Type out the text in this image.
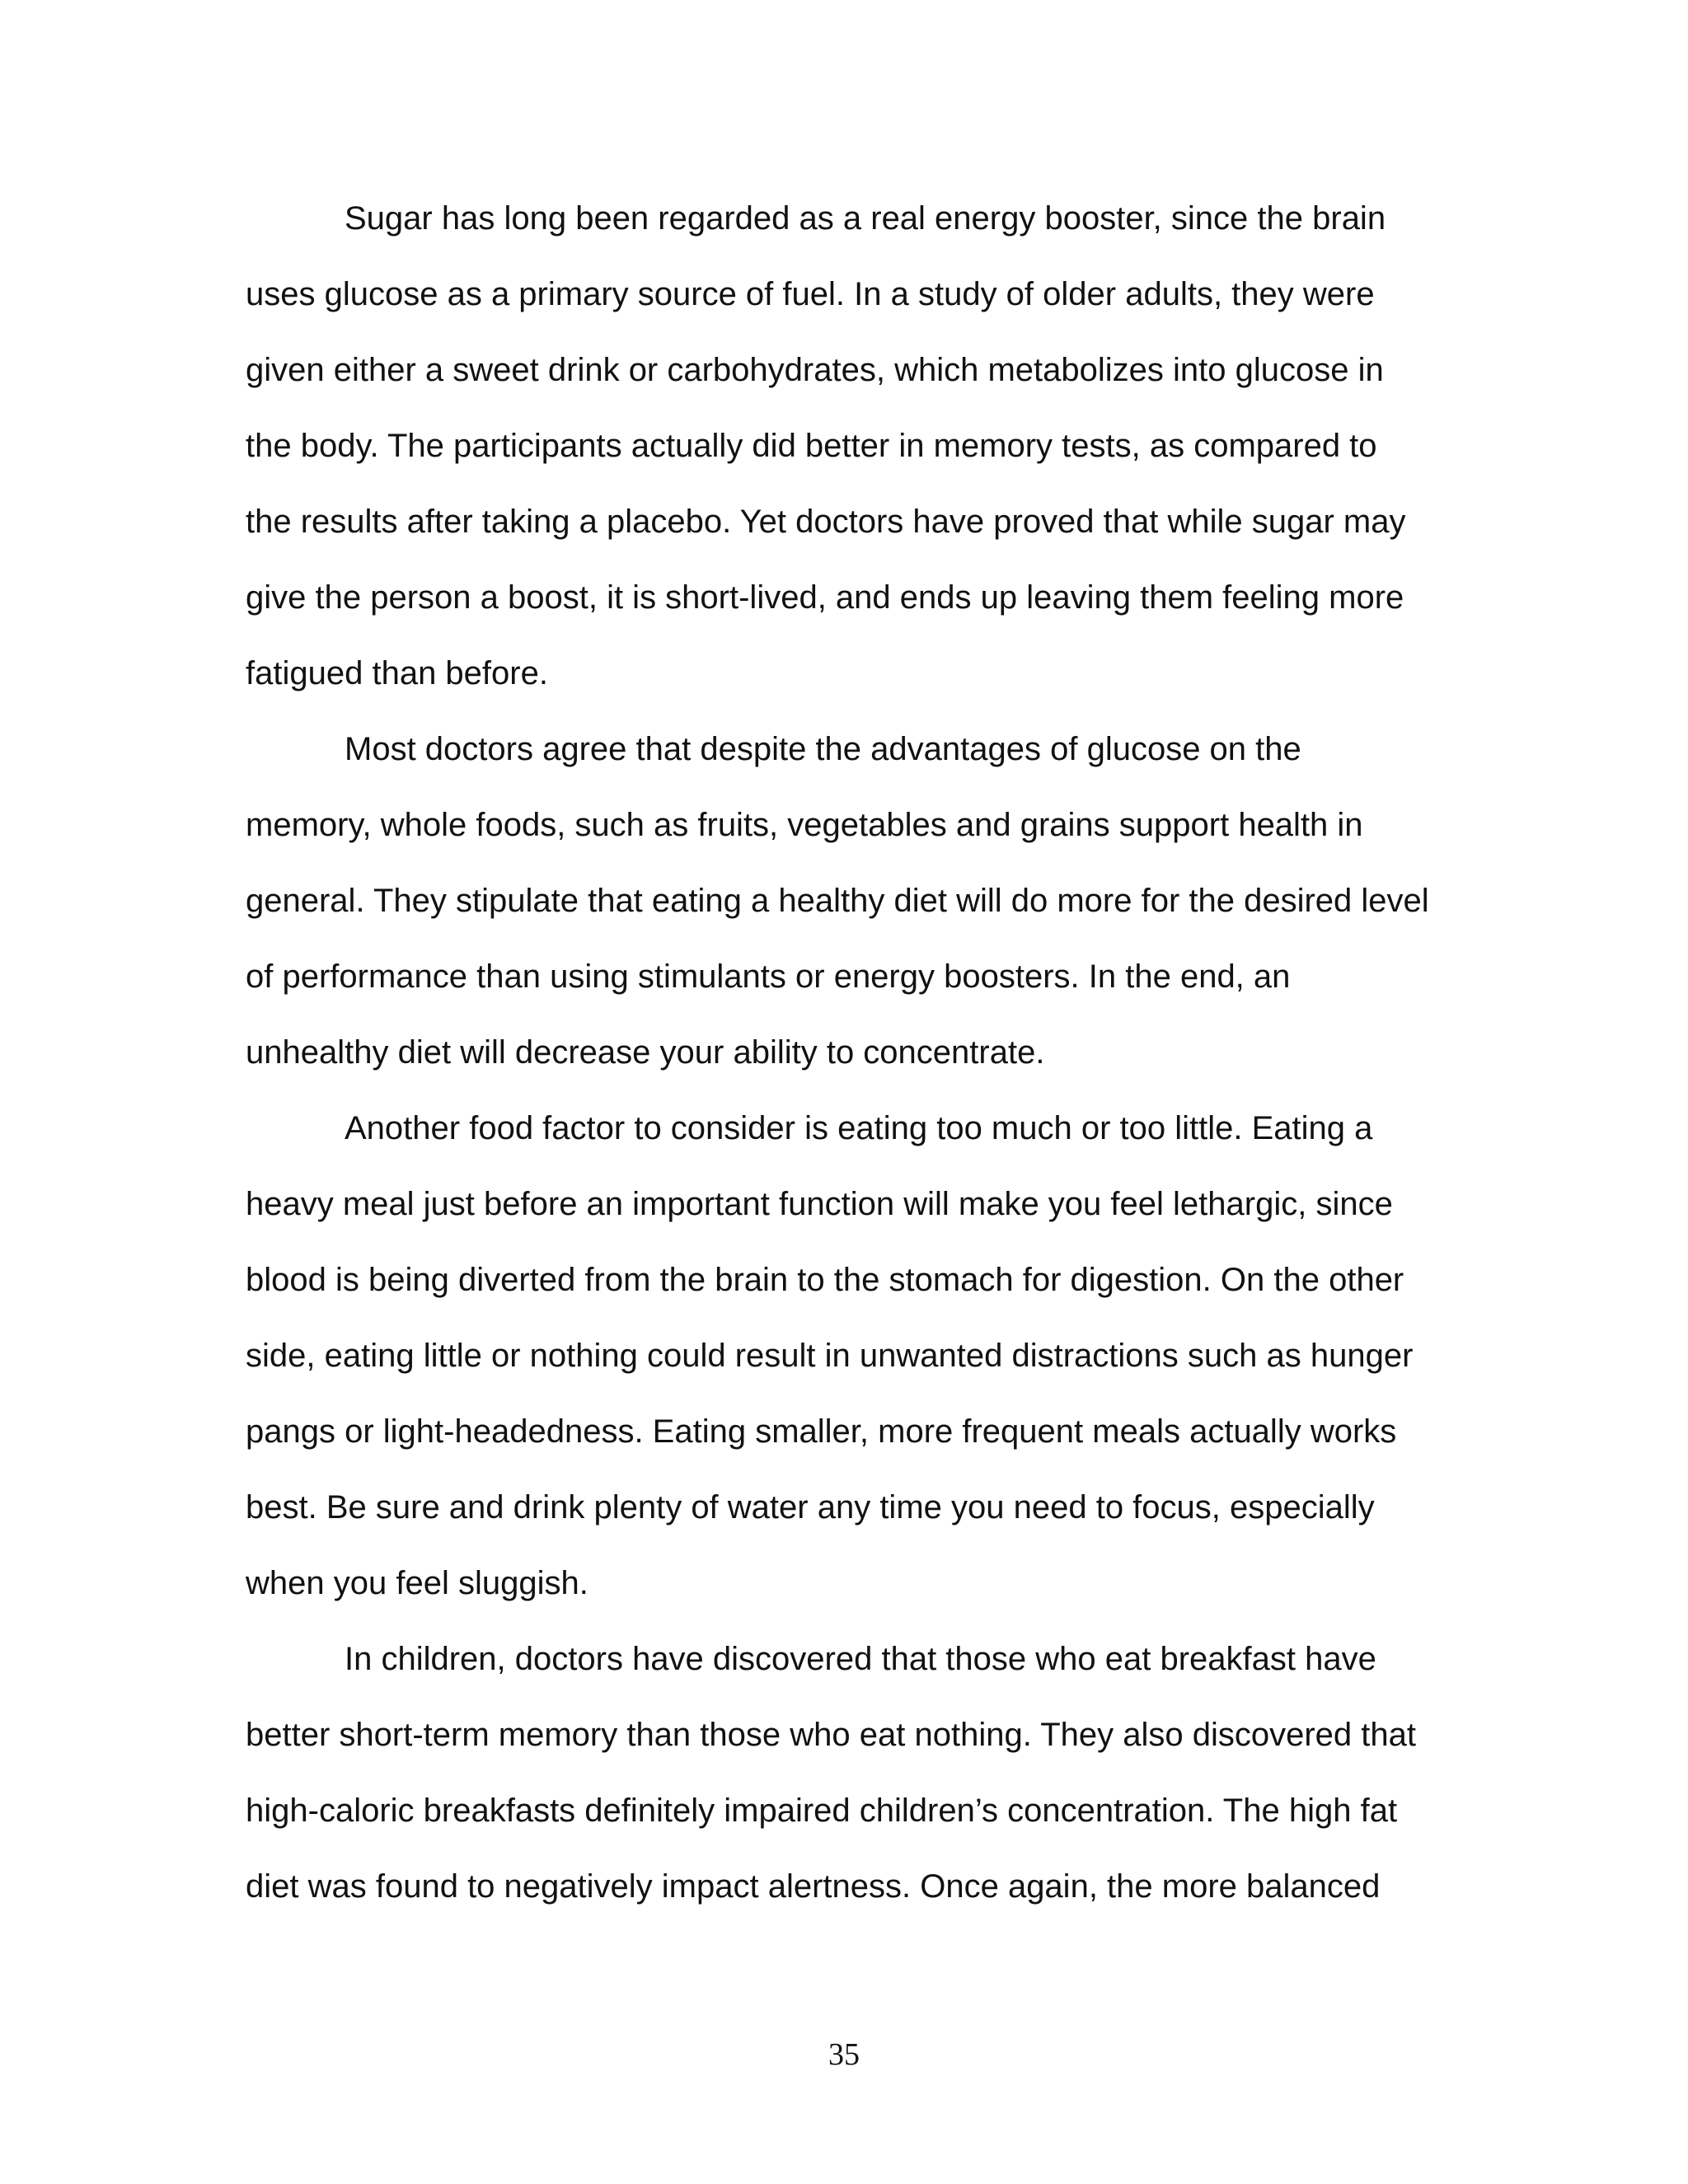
Sugar has long been regarded as a real energy booster, since the brain
uses glucose as a primary source of fuel. In a study of older adults, they were
given either a sweet drink or carbohydrates, which metabolizes into glucose in
the body. The participants actually did better in memory tests, as compared to
the results after taking a placebo. Yet doctors have proved that while sugar may
give the person a boost, it is short-lived, and ends up leaving them feeling more
fatigued than before.
Most doctors agree that despite the advantages of glucose on the
memory, whole foods, such as fruits, vegetables and grains support health in
general. They stipulate that eating a healthy diet will do more for the desired level
of performance than using stimulants or energy boosters. In the end, an
unhealthy diet will decrease your ability to concentrate.
Another food factor to consider is eating too much or too little. Eating a
heavy meal just before an important function will make you feel lethargic, since
blood is being diverted from the brain to the stomach for digestion. On the other
side, eating little or nothing could result in unwanted distractions such as hunger
pangs or light-headedness. Eating smaller, more frequent meals actually works
best. Be sure and drink plenty of water any time you need to focus, especially
when you feel sluggish.
In children, doctors have discovered that those who eat breakfast have
better short-term memory than those who eat nothing. They also discovered that
high-caloric breakfasts definitely impaired children’s concentration. The high fat
diet was found to negatively impact alertness. Once again, the more balanced
35
